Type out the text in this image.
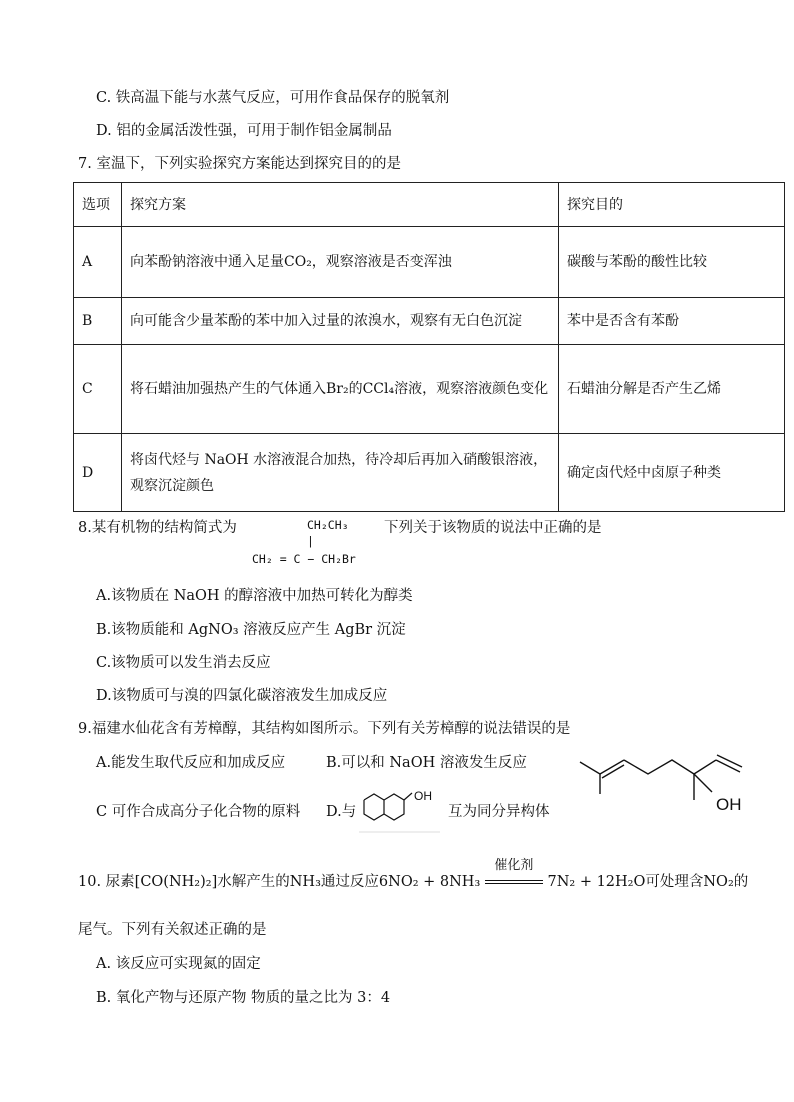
C. 铁高温下能与水蒸气反应，可用作食品保存的脱氧剂
D. 铝的金属活泼性强，可用于制作铝金属制品
7. 室温下，下列实验探究方案能达到探究目的的是
选项	探究方案	探究目的
A	向苯酚钠溶液中通入足量CO₂，观察溶液是否变浑浊	碳酸与苯酚的酸性比较
B	向可能含少量苯酚的苯中加入过量的浓溴水，观察有无白色沉淀	苯中是否含有苯酚
C	将石蜡油加强热产生的气体通入Br₂的CCl₄溶液，观察溶液颜色变化	石蜡油分解是否产生乙烯
D	将卤代烃与 NaOH 水溶液混合加热，待冷却后再加入硝酸银溶液，观察沉淀颜色	确定卤代烃中卤原子种类
8.某有机物的结构简式为	CH₂CH₃
|
CH₂ = C − CH₂Br
下列关于该物质的说法中正确的是
A.该物质在 NaOH 的醇溶液中加热可转化为醇类
B.该物质能和 AgNO₃ 溶液反应产生 AgBr 沉淀
C.该物质可以发生消去反应
D.该物质可与溴的四氯化碳溶液发生加成反应
9.福建水仙花含有芳樟醇，其结构如图所示。下列有关芳樟醇的说法错误的是
A.能发生取代反应和加成反应	B.可以和 NaOH 溶液发生反应
C 可作合成高分子化合物的原料 D.与
OH
互为同分异构体	OH
10. 尿素[CO(NH₂)₂]水解产生的NH₃通过反应6NO₂ + 8NH₃
催化剂
7N₂ + 12H₂O可处理含NO₂的
尾气。下列有关叙述正确的是
A. 该反应可实现氮的固定
B. 氧化产物与还原产物 物质的量之比为 3：4
